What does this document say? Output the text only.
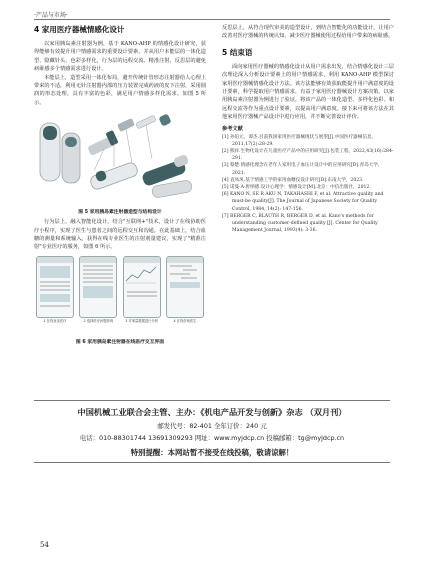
·产品与市场·
4 家用医疗器械情感化设计

以家用胰岛素注射器为例，基于 KANO-AHP 的情感化设计研究，获得能够有效提升用户情感需求的重要设计要素，并从用户本能层的一体化造型、隐藏针头、色彩多样化，行为层的远程交流、精准注射，反思层的避免病耻感多个情感需求进行设计。

本能层上，造型采用一体化布局，避开传统针管形态注射器给人心理上带来的不适，利用无针注射器内部的压力装置完成药液的皮下注射，采用圆润的形态处理，具有丰富的色彩，满足用户情感多样化需求，如图 5 所示。

图 5 家用胰岛素注射器造型与结构设计

行为层上，融入智能化设计，结合"互联网+"技术，设计了在线协助医疗小程序，实现了医生与患者之间的远程交互和沟通。在此基础上，结合血糖的测量和系统输入，获得在线专业医生的注射剂量建议，实现了"精准注射"专业医疗的服务，如图 6 所示。

1 在线登录医疗	2 选择医疗问题咨询	3 对剂量数据进行分析	4 在线咨询医生
图 6 家用胰岛素注射器在线医疗交互界面

反思层上，从符合现代审美的造型设计，到结合智能化的功能设计，让用户改善对医疗器械的传统认知，减少医疗器械使用过程给用户带来的病耻感。

5 结束语

面向家用医疗器械的情感化设计从用户需求出发，结合情感化设计三层次理论深入分析设计要素上的用户情感需求，利用 KANO-AHP 模型探讨家用医疗器械情感化设计方法。该方法能够有效获取能提升用户满意度的设计要素，科学提取用户情感需求，有益于家用医疗器械设计方案决策。以家用胰岛素注射器为例进行了验证，将该产品的一体化造型、多样化色彩、和远程交流等作为重点设计要素，以提高用户满意度。接下来可将该方法在其他家用医疗器械产品设计中进行应用，并不断完善设计评价。

参考文献

[1] 孙伯元，谭杰.目前我国家用医疗器械现状与展望[J].中国医疗器械信息，2011,17(2):28-29.

[2] 熊祥.生物化设计在儿童医疗产品中的应用研究[J].包装工程，2022,43(16):284-291.

[3] 蔡楚.情感化理念在老年人家用电子血压计设计中的应用研究[D].青岛大学，2021.

[4] 袁凤凤.基于情感工学的家用血糖仪设计研究[D].东南大学，2023.

[5] 诺曼·A·唐纳德.设计心理学：情感设计[M].北京：中信出版社，2012.

[6] KANO N, SE R AKU N, TAKAHASHI F, et al. Attractive quality and must-be quality[J]. The Journal of Japanese Society for Quality Control, 1984, 14(2): 147-156.

[7] BERGER C, BLAUTH R, BERGER D, et al. Kano's methods for understanding customer-defined quality [J]. Center for Quality Management Journal, 1993(4): 3-36.

中国机械工业联合会主管、主办：《机电产品开发与创新》杂志 （双月刊）
邮发代号：82-401 全年订价：240 元
电话：010-88301744 13691309293 网址：www.myjdcp.cn 投稿邮箱：tg@myjdcp.cn
特别提醒：本网站暂不接受在线投稿，敬请谅解！
54
